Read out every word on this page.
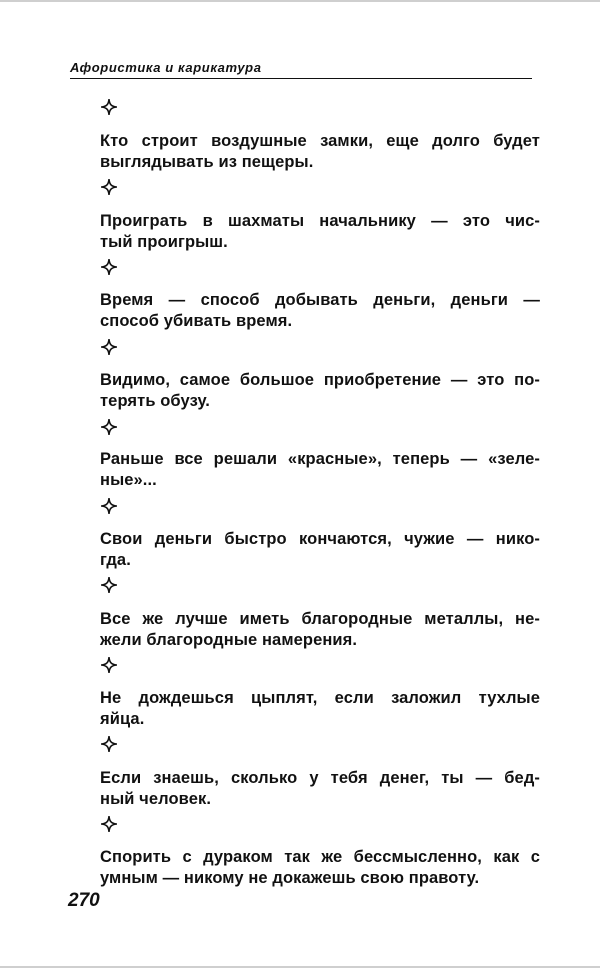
Афористика и карикатура
Кто строит воздушные замки, еще долго будет
выглядывать из пещеры.
Проиграть в шахматы начальнику — это чис-
тый проигрыш.
Время — способ добывать деньги, деньги —
способ убивать время.
Видимо, самое большое приобретение — это по-
терять обузу.
Раньше все решали «красные», теперь — «зеле-
ные»...
Свои деньги быстро кончаются, чужие — нико-
гда.
Все же лучше иметь благородные металлы, не-
жели благородные намерения.
Не дождешься цыплят, если заложил тухлые
яйца.
Если знаешь, сколько у тебя денег, ты — бед-
ный человек.
Спорить с дураком так же бессмысленно, как с
умным — никому не докажешь свою правоту.
270
